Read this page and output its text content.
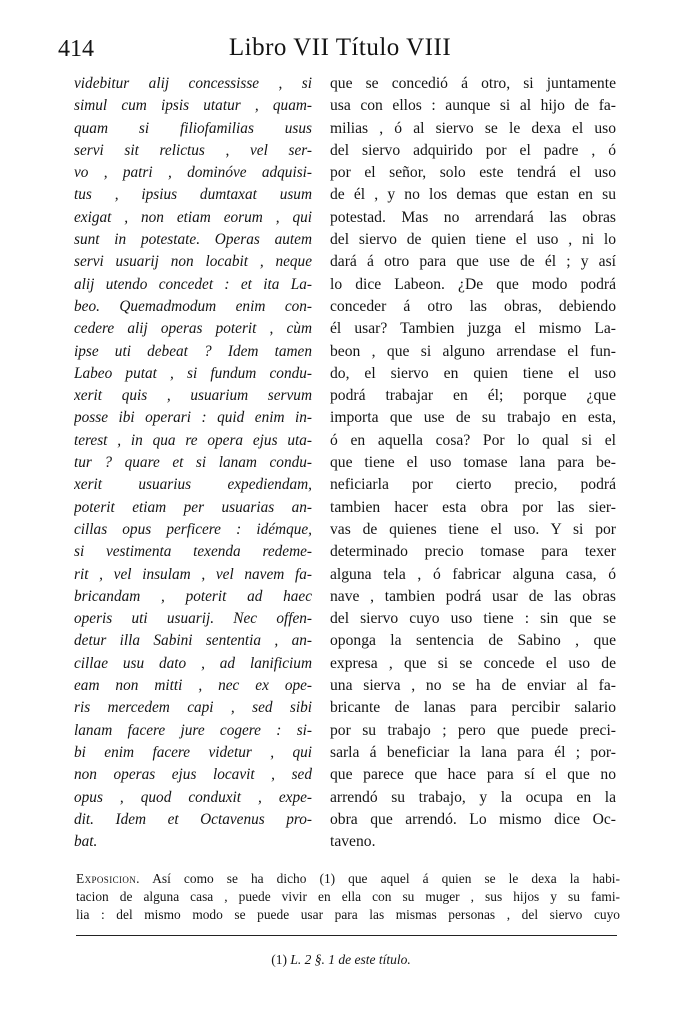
414	Libro VII Título VIII
videbitur alij concessisse , si
simul cum ipsis utatur , quam-
quam si filiofamilias usus
servi sit relictus , vel ser-
vo , patri , dominóve adquisi-
tus , ipsius dumtaxat usum
exigat , non etiam eorum , qui
sunt in potestate. Operas autem
servi usuarij non locabit , neque
alij utendo concedet : et ita La-
beo. Quemadmodum enim con-
cedere alij operas poterit , cùm
ipse uti debeat ? Idem tamen
Labeo putat , si fundum condu-
xerit quis , usuarium servum
posse ibi operari : quid enim in-
terest , in qua re opera ejus uta-
tur ? quare et si lanam condu-
xerit usuarius expediendam,
poterit etiam per usuarias an-
cillas opus perficere : idémque,
si vestimenta texenda redeme-
rit , vel insulam , vel navem fa-
bricandam , poterit ad haec
operis uti usuarij. Nec offen-
detur illa Sabini sententia , an-
cillae usu dato , ad lanificium
eam non mitti , nec ex ope-
ris mercedem capi , sed sibi
lanam facere jure cogere : si-
bi enim facere videtur , qui
non operas ejus locavit , sed
opus , quod conduxit , expe-
dit. Idem et Octavenus pro-
bat.
que se concedió á otro, si juntamente
usa con ellos : aunque si al hijo de fa-
milias , ó al siervo se le dexa el uso
del siervo adquirido por el padre , ó
por el señor, solo este tendrá el uso
de él , y no los demas que estan en su
potestad. Mas no arrendará las obras
del siervo de quien tiene el uso , ni lo
dará á otro para que use de él ; y así
lo dice Labeon. ¿De que modo podrá
conceder á otro las obras, debiendo
él usar? Tambien juzga el mismo La-
beon , que si alguno arrendase el fun-
do, el siervo en quien tiene el uso
podrá trabajar en él; porque ¿que
importa que use de su trabajo en esta,
ó en aquella cosa? Por lo qual si el
que tiene el uso tomase lana para be-
neficiarla por cierto precio, podrá
tambien hacer esta obra por las sier-
vas de quienes tiene el uso. Y si por
determinado precio tomase para texer
alguna tela , ó fabricar alguna casa, ó
nave , tambien podrá usar de las obras
del siervo cuyo uso tiene : sin que se
oponga la sentencia de Sabino , que
expresa , que si se concede el uso de
una sierva , no se ha de enviar al fa-
bricante de lanas para percibir salario
por su trabajo ; pero que puede preci-
sarla á beneficiar la lana para él ; por-
que parece que hace para sí el que no
arrendó su trabajo, y la ocupa en la
obra que arrendó. Lo mismo dice Oc-
taveno.
Exposicion. Así como se ha dicho (1) que aquel á quien se le dexa la habi-
tacion de alguna casa , puede vivir en ella con su muger , sus hijos y su fami-
lia : del mismo modo se puede usar para las mismas personas , del siervo cuyo
(1) L. 2 §. 1 de este título.
